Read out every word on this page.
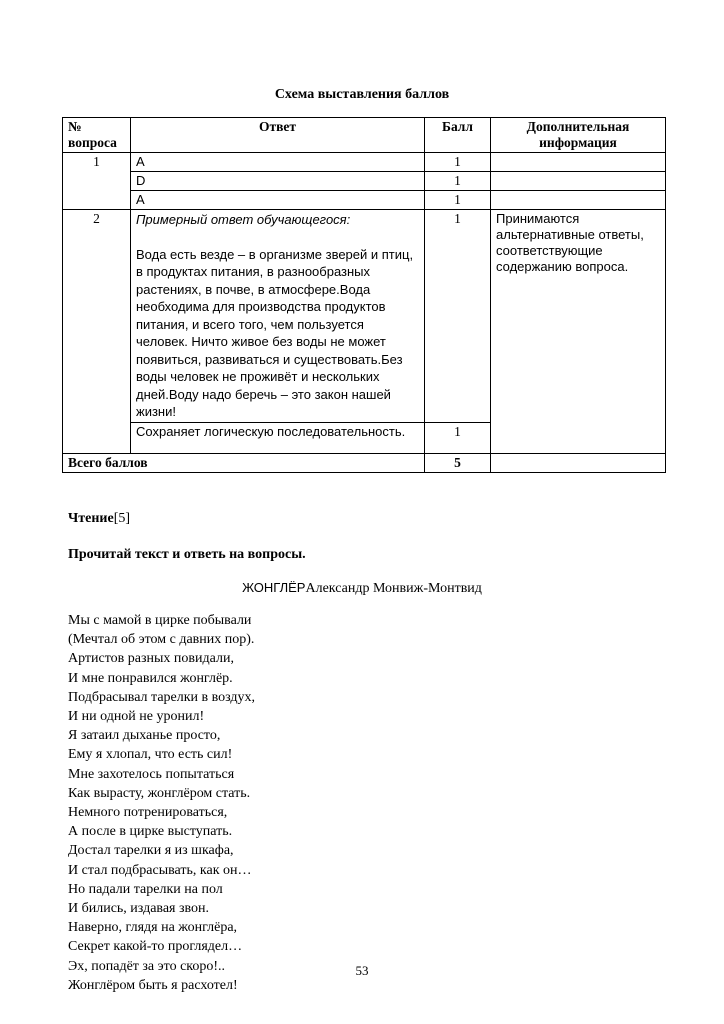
Схема выставления баллов
№ вопроса	Ответ	Балл	Дополнительная информация
1	A	1	
	D	1	
	A	1	
2	Примерный ответ обучающегося:
Вода есть везде – в организме зверей и птиц, в продуктах питания, в разнообразных растениях, в почве, в атмосфере.Вода необходима для производства продуктов питания, и всего того, чем пользуется человек. Ничто живое без воды не может появиться, развиваться и существовать.Без воды человек не проживёт и нескольких дней.Воду надо беречь – это закон нашей жизни!	1	Принимаются альтернативные ответы, соответствующие содержанию вопроса.
	Сохраняет логическую последовательность.	1	
Всего баллов		5	
Чтение[5]
Прочитай текст и ответь на вопросы.
ЖОНГЛЁРАлександр Монвиж-Монтвид
Мы с мамой в цирке побывали
(Мечтал об этом с давних пор).
Артистов разных повидали,
И мне понравился жонглёр.
Подбрасывал тарелки в воздух,
И ни одной не уронил!
Я затаил дыханье просто,
Ему я хлопал, что есть сил!
Мне захотелось попытаться
Как вырасту, жонглёром стать.
Немного потренироваться,
А после в цирке выступать.
Достал тарелки я из шкафа,
И стал подбрасывать, как он…
Но падали тарелки на пол
И бились, издавая звон.
Наверно, глядя на жонглёра,
Секрет какой-то проглядел…
Эх, попадёт за это скоро!..
Жонглёром быть я расхотел!
53
